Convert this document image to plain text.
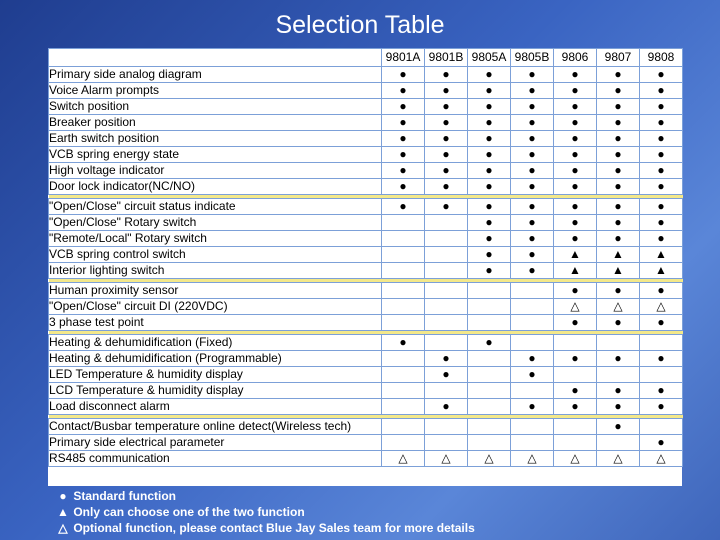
Selection Table
	9801A	9801B	9805A	9805B	9806	9807	9808
Primary side analog diagram	●	●	●	●	●	●	●
Voice Alarm prompts	●	●	●	●	●	●	●
Switch position	●	●	●	●	●	●	●
Breaker position	●	●	●	●	●	●	●
Earth switch position	●	●	●	●	●	●	●
VCB spring energy state	●	●	●	●	●	●	●
High voltage indicator	●	●	●	●	●	●	●
Door lock indicator(NC/NO)	●	●	●	●	●	●	●

"Open/Close" circuit status indicate	●	●	●	●	●	●	●
"Open/Close" Rotary switch			●	●	●	●	●
"Remote/Local" Rotary switch			●	●	●	●	●
VCB spring control switch			●	●	▲	▲	▲
Interior lighting switch			●	●	▲	▲	▲

Human proximity sensor					●	●	●
"Open/Close" circuit DI (220VDC)					△	△	△
3 phase test point					●	●	●

Heating & dehumidification (Fixed)	●		●				
Heating & dehumidification (Programmable)		●		●	●	●	●
LED Temperature & humidity display		●		●			
LCD Temperature & humidity display					●	●	●
Load disconnect alarm		●		●	●	●	●

Contact/Busbar temperature online detect(Wireless tech)						●	
Primary side electrical parameter							●
RS485 communication	△	△	△	△	△	△	△
● Standard function
▲ Only can choose one of the two function
△ Optional function, please contact Blue Jay Sales team for more details
